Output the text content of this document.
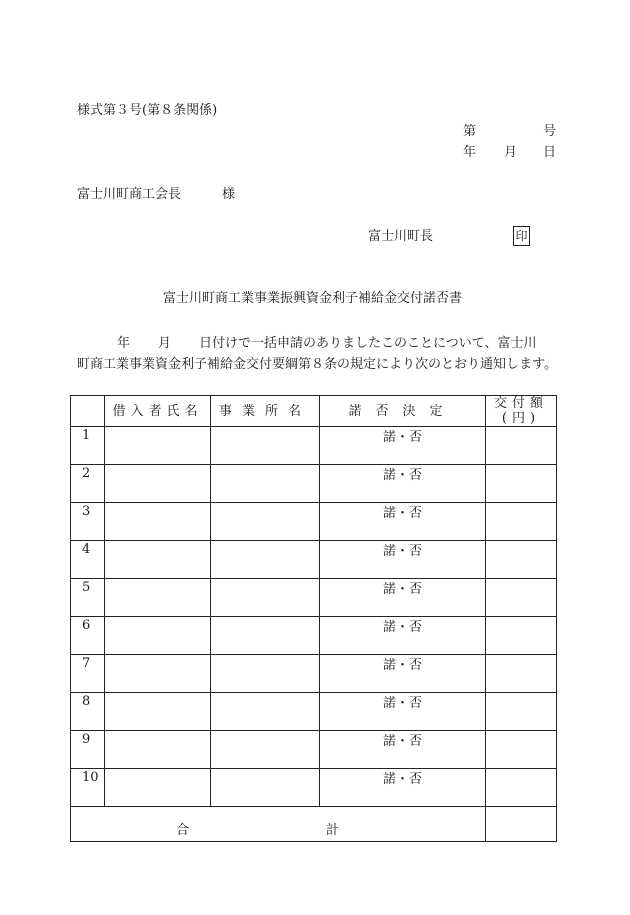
様式第３号(第８条関係)
第	号
年 月 日
富士川町商工会長	様
富士川町長	印
富士川町商工業事業振興資金利子補給金交付諾否書
年 月 日付けで一括申請のありましたこのことについて、富士川
町商工業事業資金利子補給金交付要綱第８条の規定により次のとおり通知します。
	借入者氏名	事業所名	諾否決定	交付額(円)
1			諾・否	
2			諾・否	
3			諾・否	
4			諾・否	
5			諾・否	
6			諾・否	
7			諾・否	
8			諾・否	
9			諾・否	
10			諾・否	

合 計				
